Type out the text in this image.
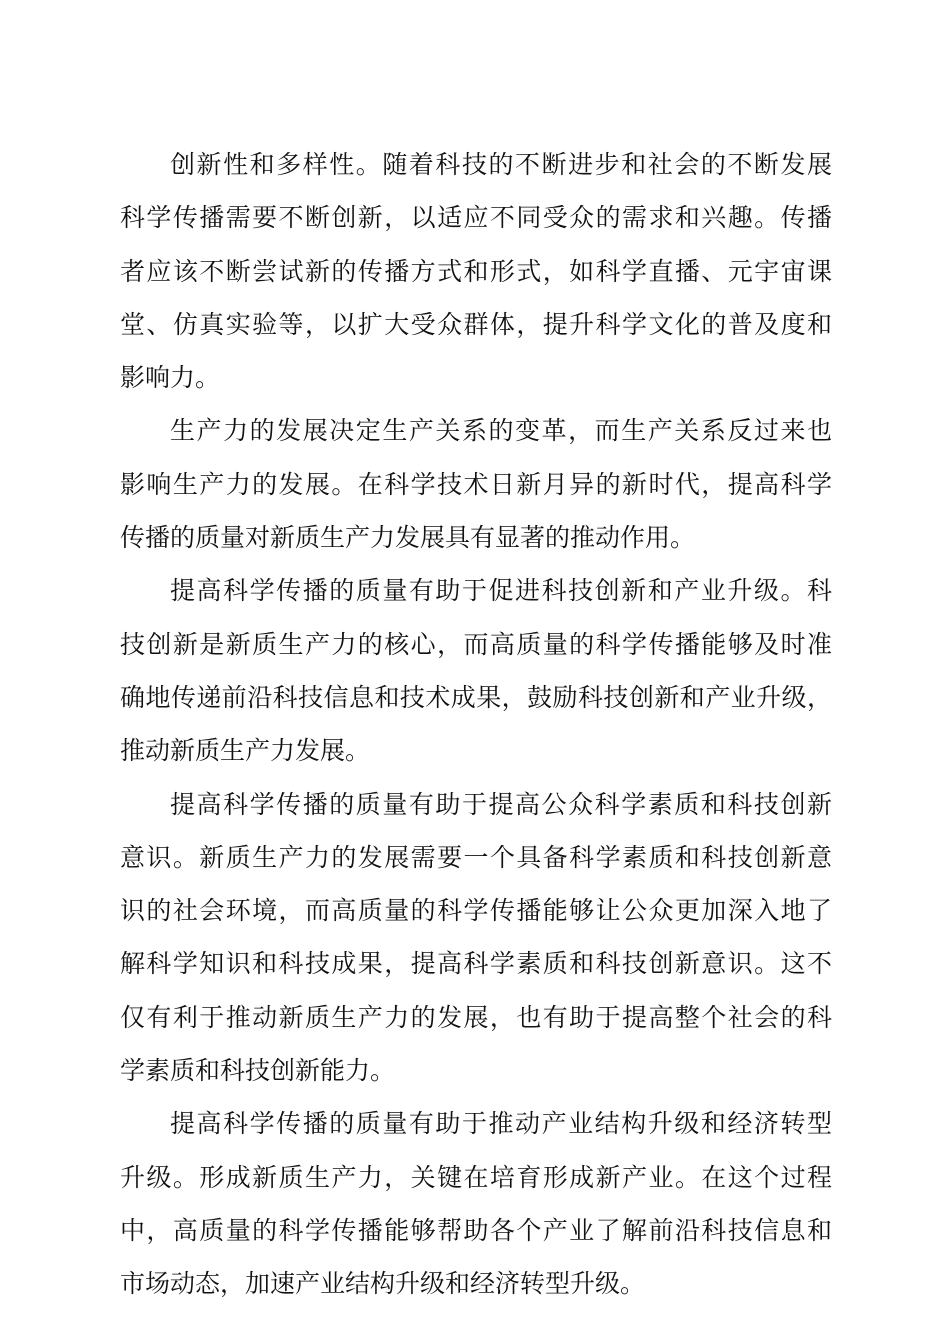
创新性和多样性。随着科技的不断进步和社会的不断发展
科学传播需要不断创新，以适应不同受众的需求和兴趣。传播
者应该不断尝试新的传播方式和形式，如科学直播、元宇宙课
堂、仿真实验等，以扩大受众群体，提升科学文化的普及度和
影响力。
生产力的发展决定生产关系的变革，而生产关系反过来也
影响生产力的发展。在科学技术日新月异的新时代，提高科学
传播的质量对新质生产力发展具有显著的推动作用。
提高科学传播的质量有助于促进科技创新和产业升级。科
技创新是新质生产力的核心，而高质量的科学传播能够及时准
确地传递前沿科技信息和技术成果，鼓励科技创新和产业升级，
推动新质生产力发展。
提高科学传播的质量有助于提高公众科学素质和科技创新
意识。新质生产力的发展需要一个具备科学素质和科技创新意
识的社会环境，而高质量的科学传播能够让公众更加深入地了
解科学知识和科技成果，提高科学素质和科技创新意识。这不
仅有利于推动新质生产力的发展，也有助于提高整个社会的科
学素质和科技创新能力。
提高科学传播的质量有助于推动产业结构升级和经济转型
升级。形成新质生产力，关键在培育形成新产业。在这个过程
中，高质量的科学传播能够帮助各个产业了解前沿科技信息和
市场动态，加速产业结构升级和经济转型升级。
